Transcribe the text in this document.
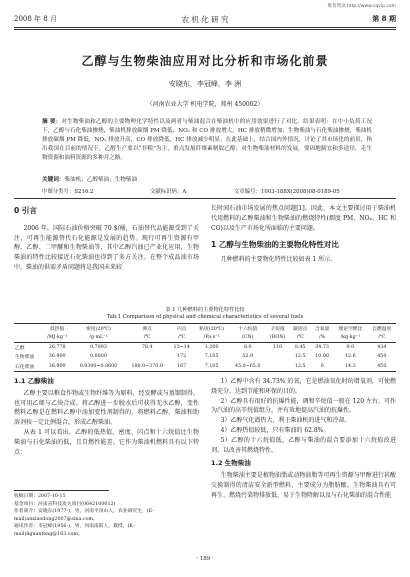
维普资讯 http://www.cqvip.com
2008 年 8 月	农 机 化 研 究	第 8 期
乙醇与生物柴油应用对比分析和市场化前景
安晓东，李冠峰，李 洲
（河南农业大学 机电学院，郑州 450002）
摘 要：对生物柴油和乙醇的主要物理化学特性以及两者与柴油混合在柴油机中的应用效果进行了对比。结果表明：在中小负荷工况下，乙醇与石化柴油掺烧，柴油机排放碳烟 PM 降低，NOₓ 和 CO 排放增大，HC 排放稍微增加；生物柴油与石化柴油掺烧，柴油机排放碳烟 PM 降低，NOₓ 排放升高，CO 排放降低，HC 排放减少明显。在此基础上，结合国内外情况，讨论了其市场化的前景，指出我国在目前的情况下，乙醇生产要以“非粮”为主，重点发展纤维素制取乙醇；对生物柴油材料的发展，要因地制宜和多途径，走生物资源和油料资源的多种并之路。
关键词：柴油机；乙醇柴油；生物柴油
中图分类号：S216.2	文献标识码：A	文章编号：1003-188X(2008)08-0189-05
0 引言
2006 年，国际石油价格突破 70 $/桶，石油替代品能源受到了关注，可再生能源替代石化能源是发展的趋势。现行可再生资源有甲醇、乙醇、二甲醚和生物柴油等，其中乙醇汽油已产业化应用，生物柴油的特性比较接近石化柴油也得到了多方关注。在整个成品油市场中，柴油的供需矛盾问题将是我国未来较
长时间石油市场发展的焦点问题[1]。因此，本文主要探讨用于柴油机代用燃料的乙醇柴油和生物柴油的燃烧特性(烟度 PM、NOₓ、HC 和 CO)以及生产市场化所面临的主要问题。
1 乙醇与生物柴油的主要物化特性对比
几种燃料的主要物化特性比较如表 1 所示。
表 1 几种燃料的主要物化特性比较
Tab.1 Comparison of physical and chemical characteristics of several fuels
	低热值	密度(20℃)	沸点	闪点	粘度(20℃)	十六烷值	辛烷值	凝固点	含氧量	理论空燃比	自燃温度
	/MJ·kg⁻¹	/g·mL⁻¹	/℃	/℃	/Pa·s⁻¹	(CN)	(RON)	/℃	/%	/kg·kg⁻¹	/℃
乙醇	26.778	0.7893	78.4	13~14	1.200	8.0	110	8.45	34.73	9.0	434
生物柴油	36.900	0.8800		172	7.105	52.9		12.5	10.00	12.6	450
石化柴油	36.900	0.8300~0.8600	180.0~370.0	167	7.105	45.0~65.0		12.5	0	14.3	450
1.1 乙醇柴油
乙醇主要以粮食作物或生物纤维等为原料，经发酵或与蒸馏制得，也可用乙烯与乙炔合成。将乙醇进一步脱水后可获得无水乙醇，变性燃料乙醇是在燃料乙醇中添加变性剂制得的，将燃料乙醇、柴油和助溶剂按一定比例混合，形成乙醇柴油。
从表 1 可以看出，乙醇的低热值、密度、闪点和十六烷值比生物柴油与石化柴油的低，且自燃性能差。它作为柴油机燃料具有以下特点：
收稿日期：2007-10-15
基金项目：河南省科技攻关项目(0642100012)
作者简介：安晓东(1977-)，男，河南平顶山人，农业研究生，(E-mail)anxiaodong2007@sina.com。
通讯作者：李冠峰(1956-)，男，河南南阳人，教授，(E-mail)liguanfeng@163.com。
1）乙醇中含有 34.73% 的氧，它是燃油氧化时的增氧剂，可使燃烧充分，达到节能和环保的目的。
2）乙醇具有很好的抗爆性能，调和辛烷值一般在 120 左右，可作为汽油的高辛烷值组分，并有效地提高汽油的抗爆性。
3）乙醇气化潜热大，利于柴油机的进气和冷却。
4）乙醇热值较低，只有柴油的 62.8%。
5）乙醇的十六烷值低，乙醇与柴油的混合要添加十六烷值改进剂，以改善其燃烧特性。
1.2 生物柴油
生物柴油主要是植物油脂或动物油脂等可再生资源与甲醇进行甚酸交换制得的清洁安全新型燃料，主要成分为脂肪酸。生物柴油具有可再生、燃烧污染物排放低、易于生物降解以及与石化柴油的混合性能
· 189 ·
